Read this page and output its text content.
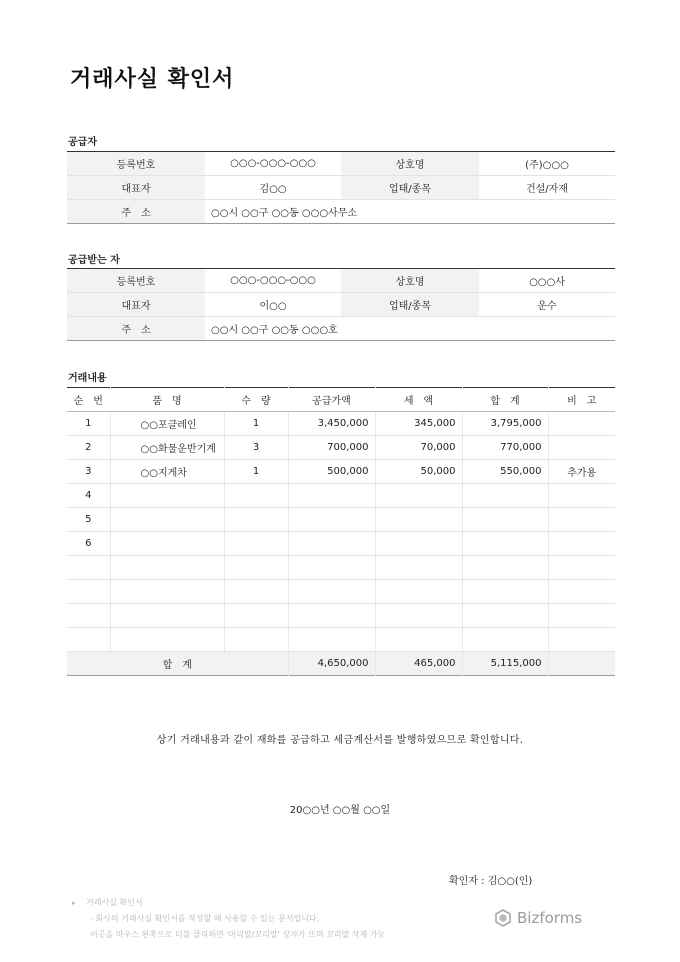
거래사실 확인서
공급자
등록번호	○○○-○○○-○○○	상호명	(주)○○○
대표자	김○○	업태/종목	건설/자재
주　소	○○시 ○○구 ○○동 ○○○사무소		
공급받는 자
등록번호	○○○-○○○-○○○	상호명	○○○사
대표자	이○○	업태/종목	운수
주　소	○○시 ○○구 ○○동 ○○○호		
거래내용
순　번	품　명	수　량	공급가액	세　액	합　계	비　고
1	○○포클레인	1	3,450,000	345,000	3,795,000	
2	○○화물운반기계	3	700,000	70,000	770,000	
3	○○지게차	1	500,000	50,000	550,000	추가용
4						
5						
6						

합　계			4,650,000	465,000	5,115,000	
상기 거래내용과 같이 재화를 공급하고 세금계산서를 발행하였으므로 확인합니다.
20○○년 ○○월 ○○일
확인자 : 김○○(인)
▸ 거래사실 확인서
- 회사의 거래사실 확인서를 작성할 때 사용할 수 있는 문서입니다.
이곳을 마우스 왼쪽으로 더블 클릭하면 '머리말/꼬리말' 상자가 뜨며 꼬리말 삭제 가능
Bizforms
